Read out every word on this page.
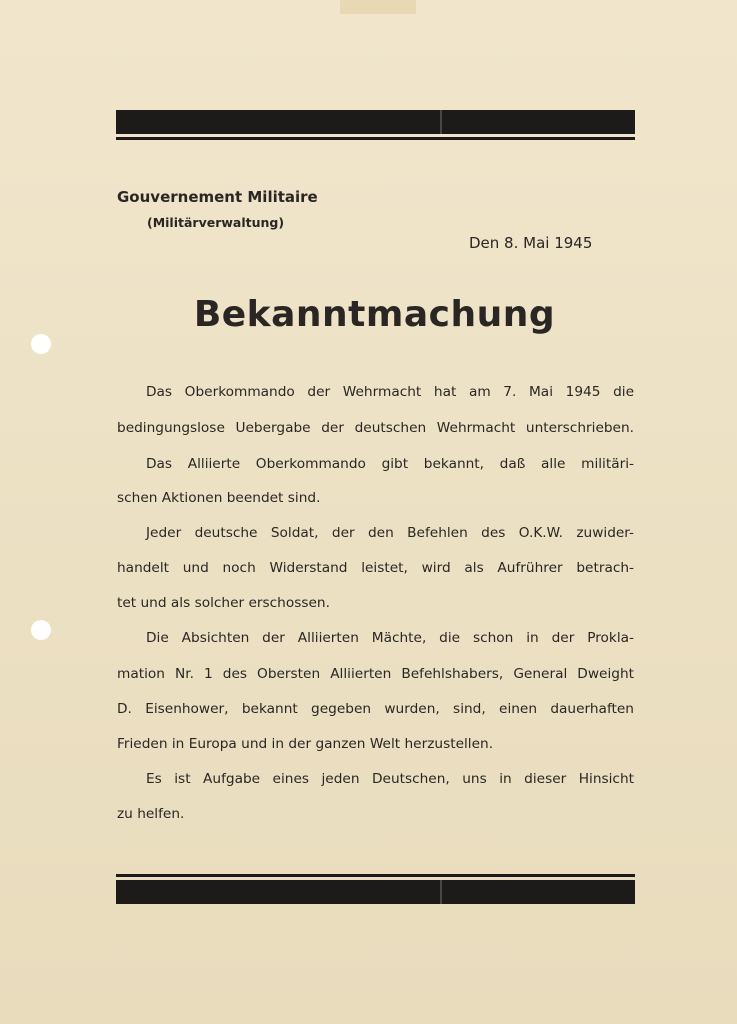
Gouvernement Militaire
(Militärverwaltung)
Den 8. Mai 1945
Bekanntmachung
Das Oberkommando der Wehrmacht hat am 7. Mai 1945 die
bedingungslose Uebergabe der deutschen Wehrmacht unterschrieben.
Das Alliierte Oberkommando gibt bekannt, daß alle militäri-
schen Aktionen beendet sind.
Jeder deutsche Soldat, der den Befehlen des O.K.W. zuwider-
handelt und noch Widerstand leistet, wird als Aufrührer betrach-
tet und als solcher erschossen.
Die Absichten der Alliierten Mächte, die schon in der Prokla-
mation Nr. 1 des Obersten Alliierten Befehlshabers, General Dweight
D. Eisenhower, bekannt gegeben wurden, sind, einen dauerhaften
Frieden in Europa und in der ganzen Welt herzustellen.
Es ist Aufgabe eines jeden Deutschen, uns in dieser Hinsicht
zu helfen.
